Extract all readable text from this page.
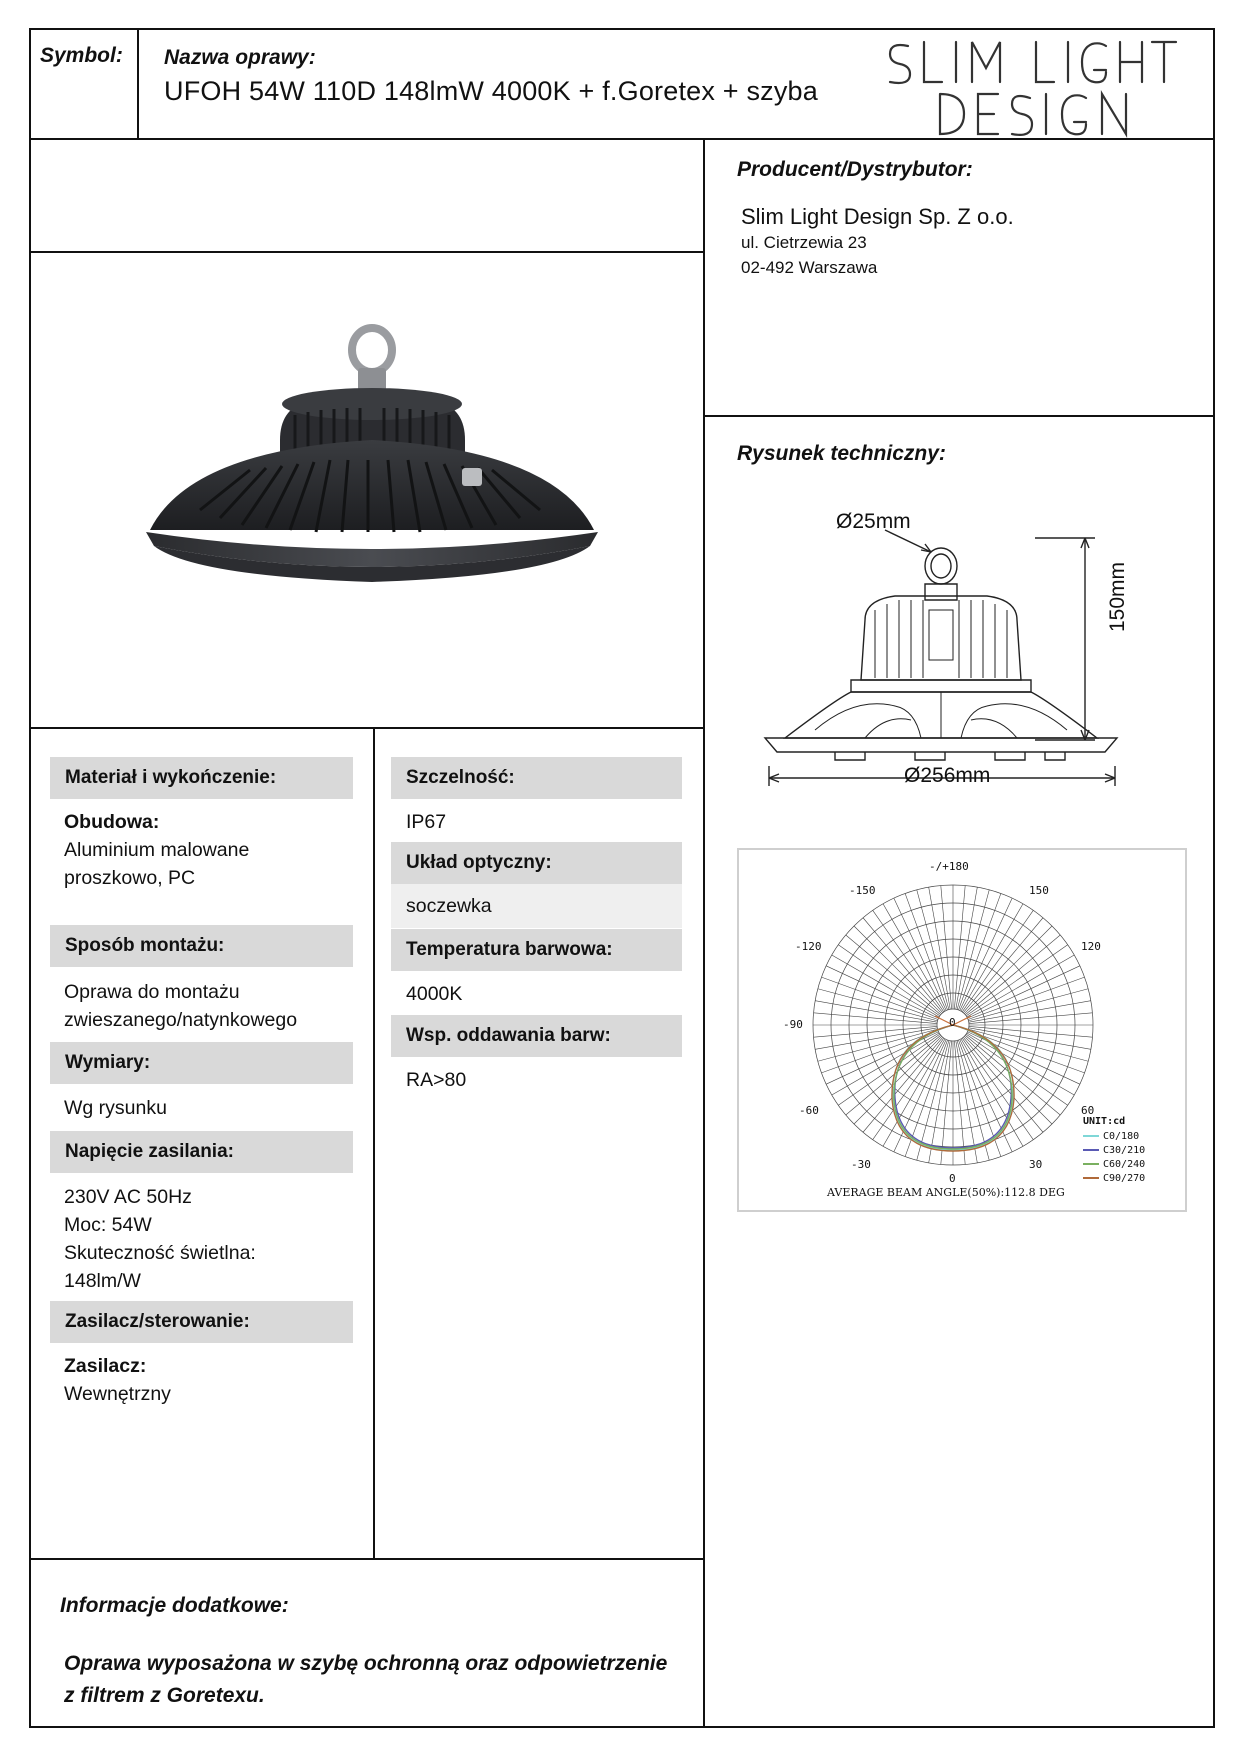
Symbol: Nazwa oprawy:
UFOH 54W 110D 148lmW 4000K + f.Goretex + szyba
Producent/Dystrybutor:
Slim Light Design Sp. Z o.o.
ul. Cietrzewia 23
02-492 Warszawa
Rysunek techniczny:
Ø25mm
Ø256mm
150mm
-/+180
-150	150
-120	120
-90
-60	60
-30	30
0
0
UNIT:cd
C0/180
C30/210
C60/240
C90/270
AVERAGE BEAM ANGLE(50%):112.8 DEG
Materiał i wykończenie:
Obudowa:
Aluminium malowane
proszkowo, PC
Sposób montażu:
Oprawa do montażu
zwieszanego/natynkowego
Wymiary:
Wg rysunku
Napięcie zasilania:
230V AC 50Hz
Moc: 54W
Skuteczność świetlna:
148lm/W
Zasilacz/sterowanie:
Zasilacz:
Wewnętrzny
Szczelność:
IP67
Układ optyczny:
soczewka
Temperatura barwowa:
4000K
Wsp. oddawania barw:
RA>80
Informacje dodatkowe:
Oprawa wyposażona w szybę ochronną oraz odpowietrzenie
z filtrem z Goretexu.
